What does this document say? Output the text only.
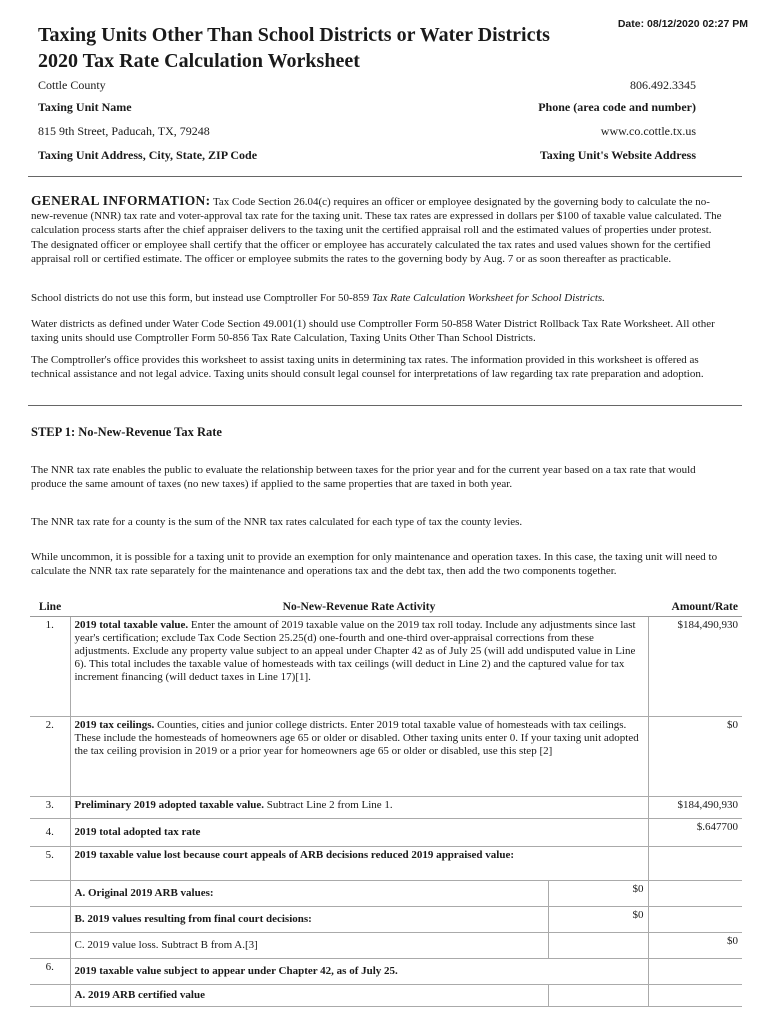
Date: 08/12/2020 02:27 PM
Taxing Units Other Than School Districts or Water Districts
2020 Tax Rate Calculation Worksheet
Cottle County	806.492.3345
Taxing Unit Name	Phone (area code and number)
815 9th Street, Paducah, TX, 79248	www.co.cottle.tx.us
Taxing Unit Address, City, State, ZIP Code	Taxing Unit's Website Address
GENERAL INFORMATION: Tax Code Section 26.04(c) requires an officer or employee designated by the governing body to calculate the no-new-revenue (NNR) tax rate and voter-approval tax rate for the taxing unit. These tax rates are expressed in dollars per $100 of taxable value calculated. The calculation process starts after the chief appraiser delivers to the taxing unit the certified appraisal roll and the estimated values of properties under protest. The designated officer or employee shall certify that the officer or employee has accurately calculated the tax rates and used values shown for the certified appraisal roll or certified estimate. The officer or employee submits the rates to the governing body by Aug. 7 or as soon thereafter as practicable.
School districts do not use this form, but instead use Comptroller For 50-859 Tax Rate Calculation Worksheet for School Districts.
Water districts as defined under Water Code Section 49.001(1) should use Comptroller Form 50-858 Water District Rollback Tax Rate Worksheet. All other taxing units should use Comptroller Form 50-856 Tax Rate Calculation, Taxing Units Other Than School Districts.
The Comptroller's office provides this worksheet to assist taxing units in determining tax rates. The information provided in this worksheet is offered as technical assistance and not legal advice. Taxing units should consult legal counsel for interpretations of law regarding tax rate preparation and adoption.
STEP 1: No-New-Revenue Tax Rate
The NNR tax rate enables the public to evaluate the relationship between taxes for the prior year and for the current year based on a tax rate that would produce the same amount of taxes (no new taxes) if applied to the same properties that are taxed in both year.
The NNR tax rate for a county is the sum of the NNR tax rates calculated for each type of tax the county levies.
While uncommon, it is possible for a taxing unit to provide an exemption for only maintenance and operation taxes. In this case, the taxing unit will need to calculate the NNR tax rate separately for the maintenance and operations tax and the debt tax, then add the two components together.
Line	No-New-Revenue Rate Activity		Amount/Rate
1.	2019 total taxable value. Enter the amount of 2019 taxable value on the 2019 tax roll today. Include any adjustments since last year's certification; exclude Tax Code Section 25.25(d) one-fourth and one-third over-appraisal corrections from these adjustments. Exclude any property value subject to an appeal under Chapter 42 as of July 25 (will add undisputed value in Line 6). This total includes the taxable value of homesteads with tax ceilings (will deduct in Line 2) and the captured value for tax increment financing (will deduct taxes in Line 17)[1].		$184,490,930
2.	2019 tax ceilings. Counties, cities and junior college districts. Enter 2019 total taxable value of homesteads with tax ceilings. These include the homesteads of homeowners age 65 or older or disabled. Other taxing units enter 0. If your taxing unit adopted the tax ceiling provision in 2019 or a prior year for homeowners age 65 or older or disabled, use this step [2]		$0
3.	Preliminary 2019 adopted taxable value. Subtract Line 2 from Line 1.		$184,490,930
4.	2019 total adopted tax rate		$.647700
5.	2019 taxable value lost because court appeals of ARB decisions reduced 2019 appraised value:		
	A. Original 2019 ARB values:	$0	
	B. 2019 values resulting from final court decisions:	$0	
	C. 2019 value loss. Subtract B from A.[3]		$0
6.	2019 taxable value subject to appear under Chapter 42, as of July 25.		
	A. 2019 ARB certified value		
